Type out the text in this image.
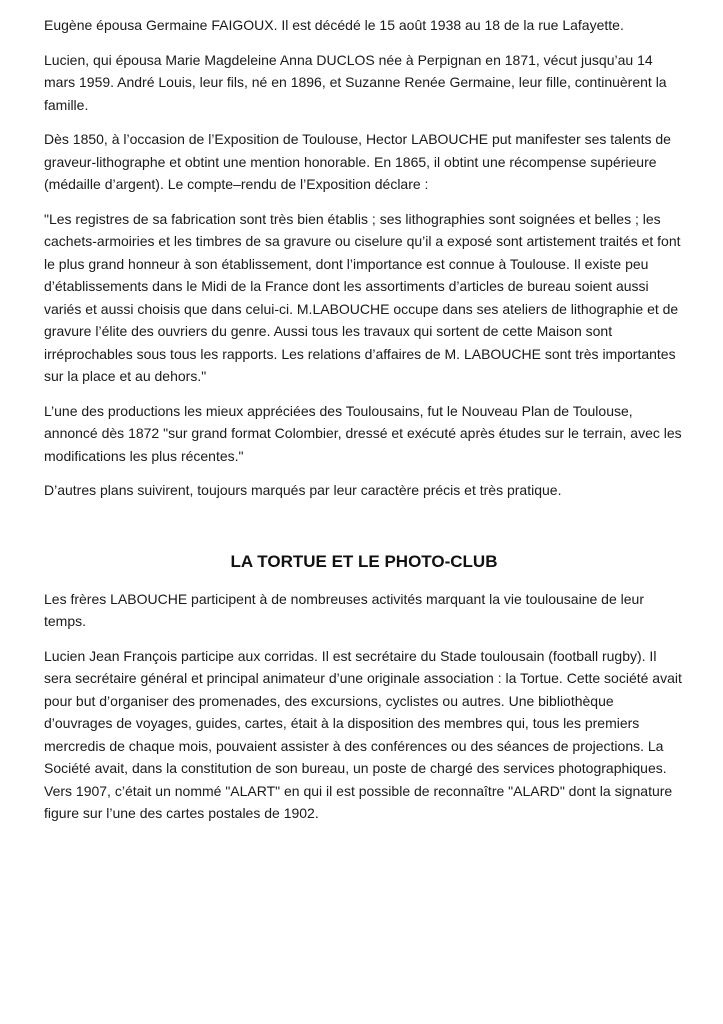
Eugène épousa Germaine FAIGOUX. Il est décédé le 15 août 1938 au 18 de la rue Lafayette.

Lucien, qui épousa Marie Magdeleine Anna DUCLOS née à Perpignan en 1871, vécut jusqu’au 14 mars 1959. André Louis, leur fils, né en 1896, et Suzanne Renée Germaine, leur fille, continuèrent la famille.

Dès 1850, à l’occasion de l’Exposition de Toulouse, Hector LABOUCHE put manifester ses talents de graveur-lithographe et obtint une mention honorable. En 1865, il obtint une récompense supérieure (médaille d’argent). Le compte–rendu de l’Exposition déclare :

"Les registres de sa fabrication sont très bien établis ; ses lithographies sont soignées et belles ; les cachets-armoiries et les timbres de sa gravure ou ciselure qu’il a exposé sont artistement traités et font le plus grand honneur à son établissement, dont l’importance est connue à Toulouse. Il existe peu d’établissements dans le Midi de la France dont les assortiments d’articles de bureau soient aussi variés et aussi choisis que dans celui-ci. M.LABOUCHE occupe dans ses ateliers de lithographie et de gravure l’élite des ouvriers du genre. Aussi tous les travaux qui sortent de cette Maison sont irréprochables sous tous les rapports. Les relations d’affaires de M. LABOUCHE sont très importantes sur la place et au dehors."

L’une des productions les mieux appréciées des Toulousains, fut le Nouveau Plan de Toulouse, annoncé dès 1872 "sur grand format Colombier, dressé et exécuté après études sur le terrain, avec les modifications les plus récentes."

D’autres plans suivirent, toujours marqués par leur caractère précis et très pratique.

LA TORTUE ET LE PHOTO-CLUB

Les frères LABOUCHE participent à de nombreuses activités marquant la vie toulousaine de leur temps.

Lucien Jean François participe aux corridas. Il est secrétaire du Stade toulousain (football rugby). Il sera secrétaire général et principal animateur d’une originale association : la Tortue. Cette société avait pour but d’organiser des promenades, des excursions, cyclistes ou autres. Une bibliothèque d’ouvrages de voyages, guides, cartes, était à la disposition des membres qui, tous les premiers mercredis de chaque mois, pouvaient assister à des conférences ou des séances de projections. La Société avait, dans la constitution de son bureau, un poste de chargé des services photographiques. Vers 1907, c’était un nommé "ALART" en qui il est possible de reconnaître "ALARD" dont la signature figure sur l’une des cartes postales de 1902.
